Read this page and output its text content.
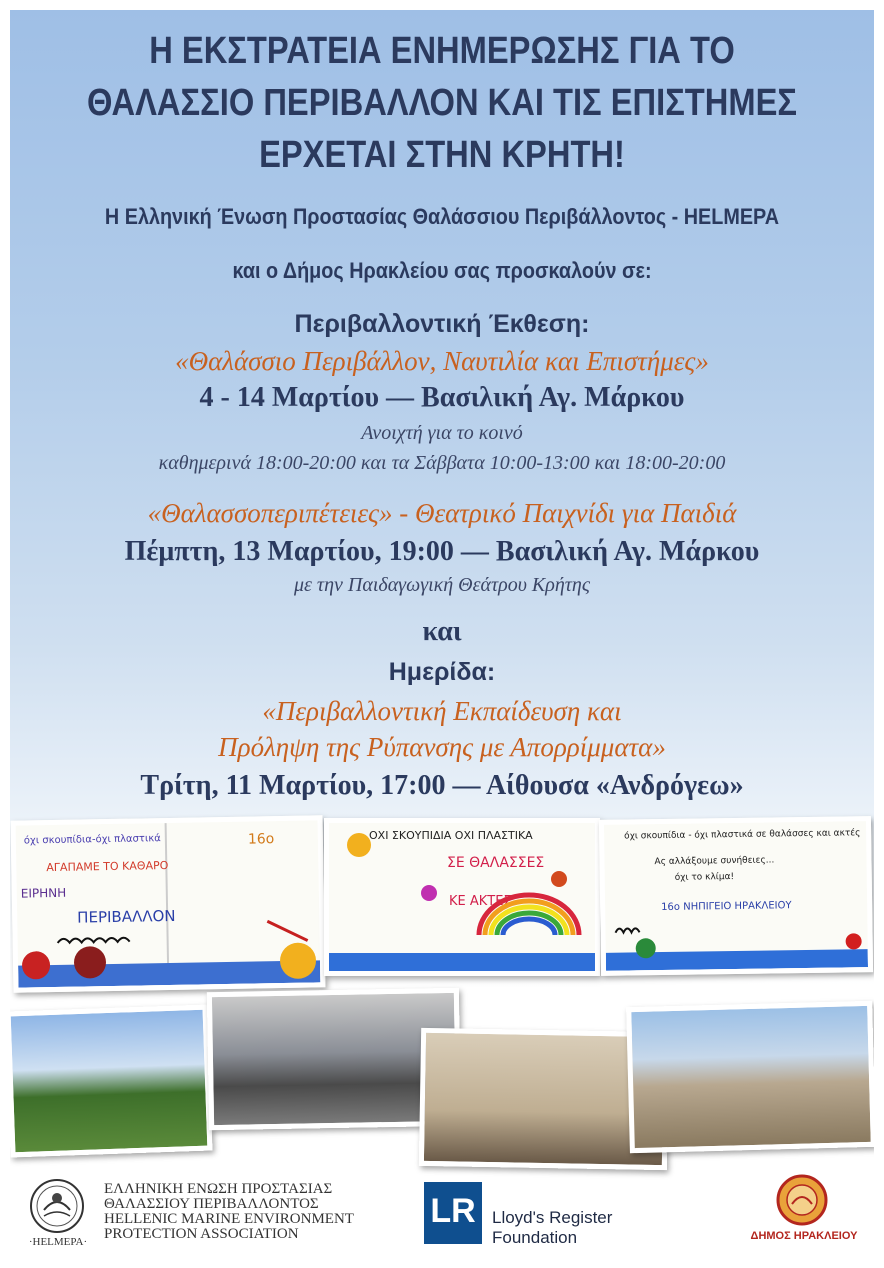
Η ΕΚΣΤΡΑΤΕΙΑ ΕΝΗΜΕΡΩΣΗΣ ΓΙΑ ΤΟ
ΘΑΛΑΣΣΙΟ ΠΕΡΙΒΑΛΛΟΝ ΚΑΙ ΤΙΣ ΕΠΙΣΤΗΜΕΣ
ΕΡΧΕΤΑΙ ΣΤΗΝ ΚΡΗΤΗ!
Η Ελληνική Ένωση Προστασίας Θαλάσσιου Περιβάλλοντος - HELMEPA
και ο Δήμος Ηρακλείου σας προσκαλούν σε:
Περιβαλλοντική Έκθεση:
«Θαλάσσιο Περιβάλλον, Ναυτιλία και Επιστήμες»
4 - 14 Μαρτίου — Βασιλική Αγ. Μάρκου
Ανοιχτή για το κοινό
καθημερινά 18:00-20:00 και τα Σάββατα 10:00-13:00 και 18:00-20:00
«Θαλασσοπεριπέτειες» - Θεατρικό Παιχνίδι για Παιδιά
Πέμπτη, 13 Μαρτίου, 19:00 — Βασιλική Αγ. Μάρκου
με την Παιδαγωγική Θεάτρου Κρήτης
και
Ημερίδα:
«Περιβαλλοντική Εκπαίδευση και
Πρόληψη της Ρύπανσης με Απορρίμματα»
Τρίτη, 11 Μαρτίου, 17:00 — Αίθουσα «Ανδρόγεω»
όχι σκουπίδια-όχι πλαστικά
ΑΓΑΠΑΜΕ ΤΟ ΚΑΘΑΡΟ
ΕΙΡΗΝΗ
ΠΕΡΙΒΑΛΛΟΝ
16ο	ΟΧΙ ΣΚΟΥΠΙΔΙΑ ΟΧΙ ΠΛΑΣΤΙΚΑ
ΣΕ ΘΑΛΑΣΣΕΣ
ΚΕ ΑΚΤΕΣ
όχι σκουπίδια - όχι πλαστικά σε θαλάσσες και ακτές
Ας αλλάξουμε συνήθειες...
όχι το κλίμα!
16ο ΝΗΠΙΓΕΙΟ ΗΡΑΚΛΕΙΟΥ
·HELMEPA·
ΕΛΛΗΝΙΚΗ ΕΝΩΣΗ ΠΡΟΣΤΑΣΙΑΣ
ΘΑΛΑΣΣΙΟΥ ΠΕΡΙΒΑΛΛΟΝΤΟΣ
HELLENIC MARINE ENVIRONMENT
PROTECTION ASSOCIATION
LR Lloyd's Register
Foundation	ΔΗΜΟΣ ΗΡΑΚΛΕΙΟΥ
